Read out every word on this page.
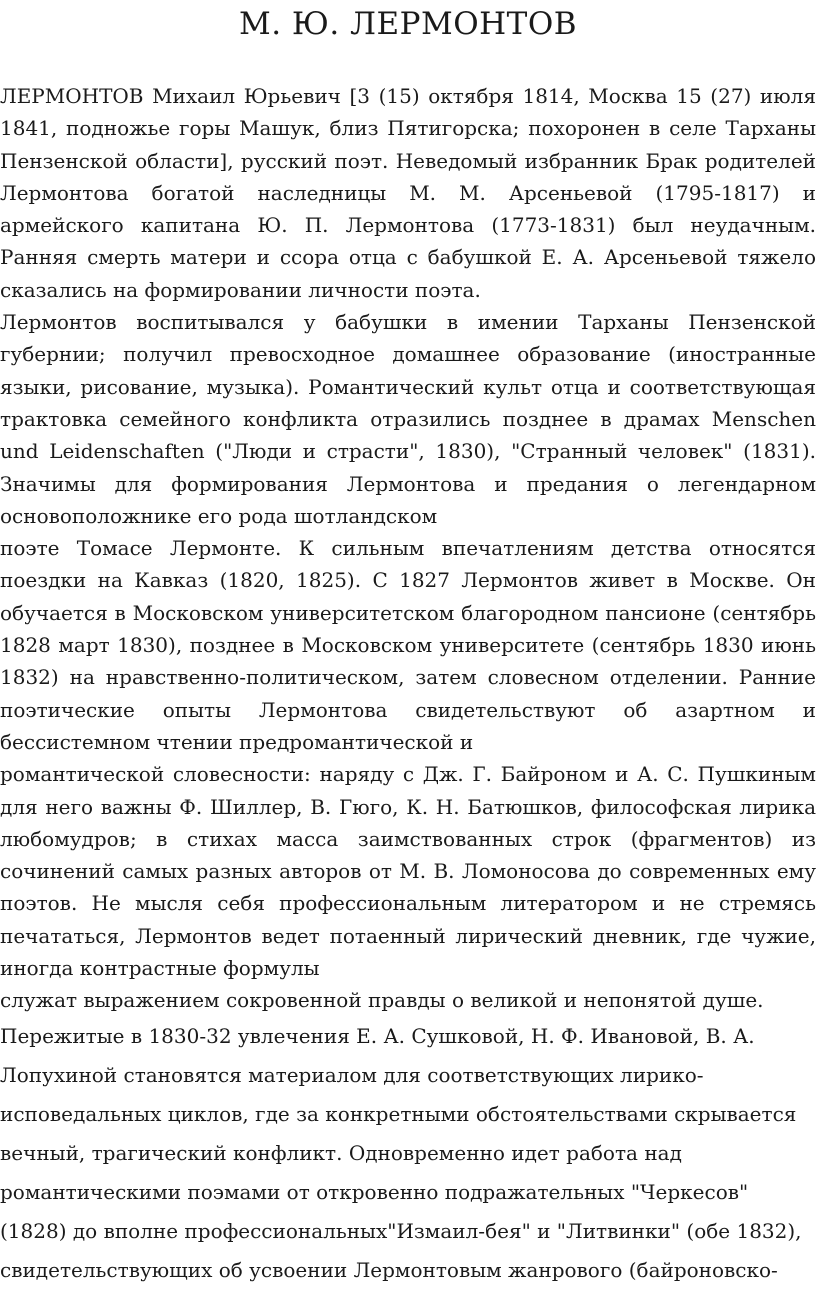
М. Ю. ЛЕРМОНТОВ

ЛЕРМОНТОВ Михаил Юрьевич [3 (15) октября 1814, Москва 15 (27) июля 1841, подножье горы Машук, близ Пятигорска; похоронен в селе Тарханы Пензенской области], русский поэт. Неведомый избранник Брак родителей Лермонтова богатой наследницы М. М. Арсеньевой (1795-1817) и армейского капитана Ю. П. Лермонтова (1773-1831) был неудачным. Ранняя смерть матери и ссора отца с бабушкой Е. А. Арсеньевой тяжело сказались на формировании личности поэта.

Лермонтов воспитывался у бабушки в имении Тарханы Пензенской губернии; получил превосходное домашнее образование (иностранные языки, рисование, музыка). Романтический культ отца и соответствующая трактовка семейного конфликта отразились позднее в драмах Menschen und Leidenschaften ("Люди и страсти", 1830), "Странный человек" (1831). Значимы для формирования Лермонтова и предания о легендарном основоположнике его рода шотландском

поэте Томасе Лермонте. К сильным впечатлениям детства относятся поездки на Кавказ (1820, 1825). С 1827 Лермонтов живет в Москве. Он обучается в Московском университетском благородном пансионе (сентябрь 1828 март 1830), позднее в Московском университете (сентябрь 1830 июнь 1832) на нравственно-политическом, затем словесном отделении. Ранние поэтические опыты Лермонтова свидетельствуют об азартном и бессистемном чтении предромантической и

романтической словесности: наряду с Дж. Г. Байроном и А. С. Пушкиным для него важны Ф. Шиллер, В. Гюго, К. Н. Батюшков, философская лирика любомудров; в стихах масса заимствованных строк (фрагментов) из сочинений самых разных авторов от М. В. Ломоносова до современных ему поэтов. Не мысля себя профессиональным литератором и не стремясь печататься, Лермонтов ведет потаенный лирический дневник, где чужие, иногда контрастные формулы

служат выражением сокровенной правды о великой и непонятой душе.

Пережитые в 1830-32 увлечения Е. А. Сушковой, Н. Ф. Ивановой, В. А. Лопухиной становятся материалом для соответствующих лирико-исповедальных циклов, где за конкретными обстоятельствами скрывается вечный, трагический конфликт. Одновременно идет работа над романтическими поэмами от откровенно подражательных "Черкесов" (1828) до вполне профессиональных"Измаил-бея" и "Литвинки" (обе 1832), свидетельствующих об усвоении Лермонтовым жанрового (байроновско-
